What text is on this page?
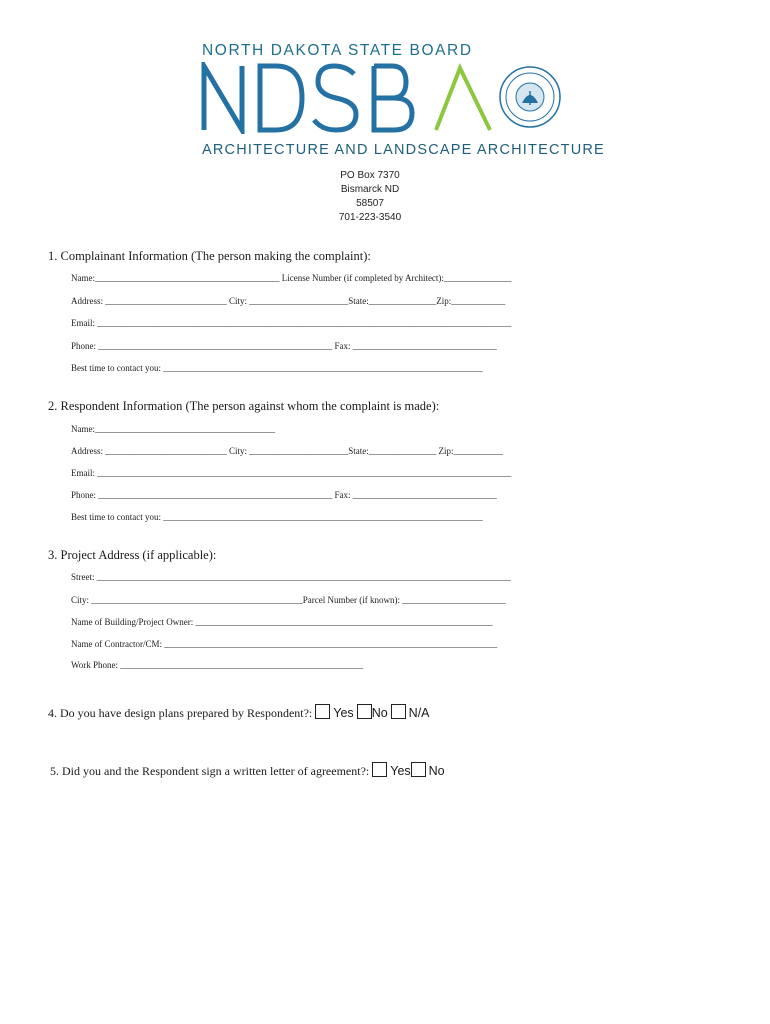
NORTH DAKOTA STATE BOARD
ARCHITECTURE AND LANDSCAPE ARCHITECTURE
PO Box 7370
Bismarck ND
58507
701-223-3540
1. Complainant Information (The person making the complaint):
Name:_________________________________________ License Number (if completed by Architect):_______________
Address: ___________________________ City: ______________________State:_______________Zip:____________
Email: ____________________________________________________________________________________________
Phone: ____________________________________________________ Fax: ________________________________
Best time to contact you: _______________________________________________________________________
2. Respondent Information (The person against whom the complaint is made):
Name:________________________________________
Address: ___________________________ City: ______________________State:_______________ Zip:___________
Email: ____________________________________________________________________________________________
Phone: ____________________________________________________ Fax: ________________________________
Best time to contact you: _______________________________________________________________________
3. Project Address (if applicable):
Street: ____________________________________________________________________________________________
City: _______________________________________________Parcel Number (if known): _______________________
Name of Building/Project Owner: __________________________________________________________________
Name of Contractor/CM: __________________________________________________________________________
Work Phone: ______________________________________________________
4. Do you have design plans prepared by Respondent?: Yes No N/A
5. Did you and the Respondent sign a written letter of agreement?: Yes No
